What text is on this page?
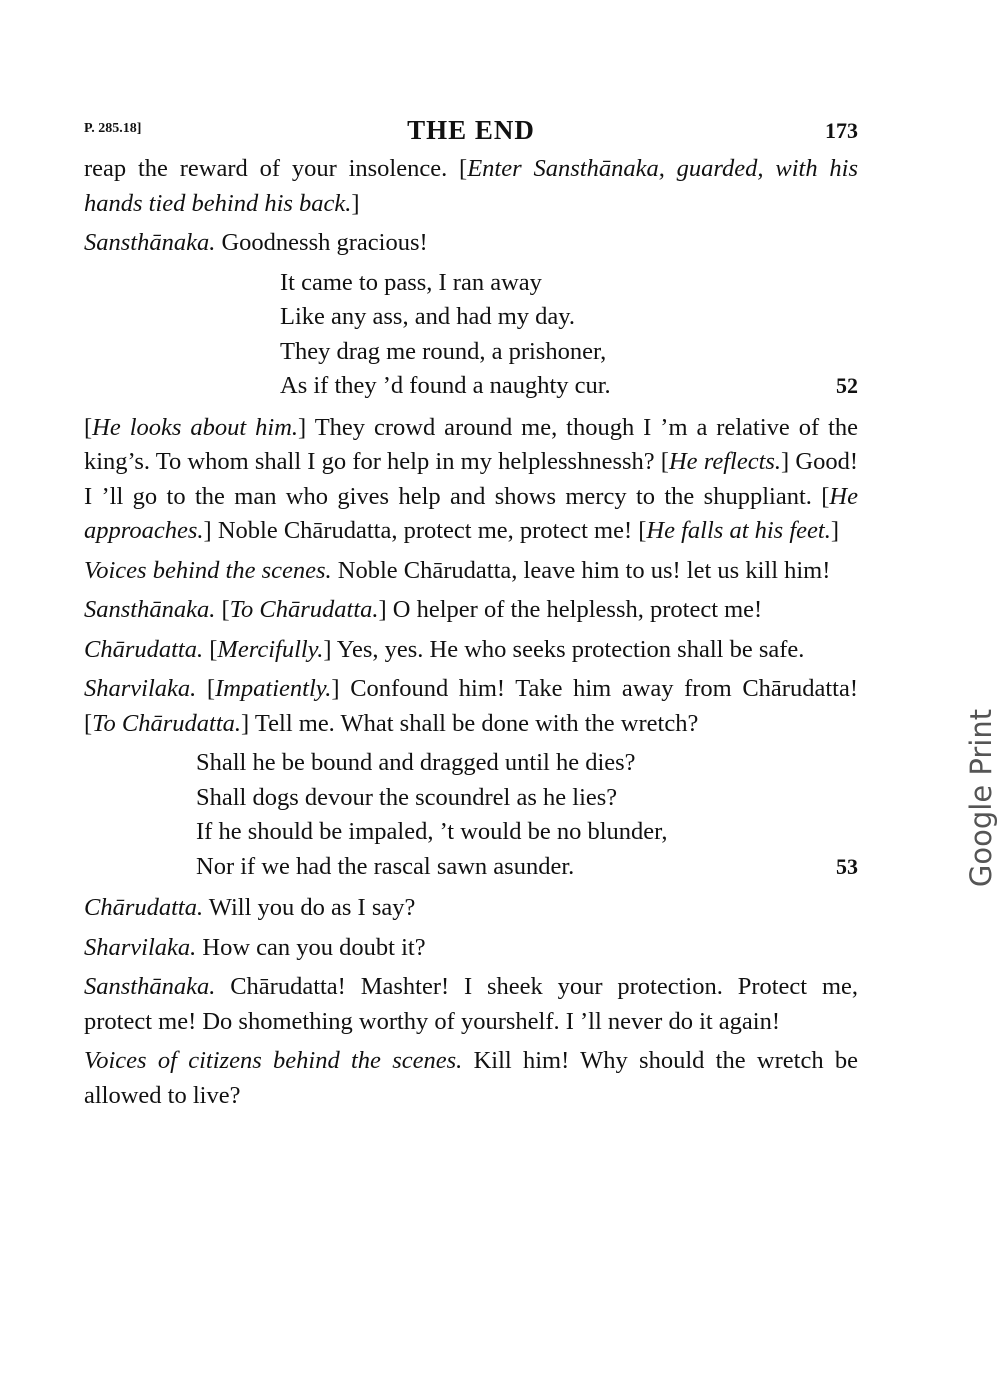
P. 285.18]	THE END	173

reap the reward of your insolence. [Enter Sansthānaka, guarded, with his hands tied behind his back.]

Sansthānaka. Goodnessh gracious!

It came to pass, I ran away
Like any ass, and had my day.
They drag me round, a prishoner,
As if they ’d found a naughty cur.	52

[He looks about him.] They crowd around me, though I ’m a relative of the king’s. To whom shall I go for help in my helplesshnessh? [He reflects.] Good! I ’ll go to the man who gives help and shows mercy to the shuppliant. [He approaches.] Noble Chārudatta, protect me, protect me! [He falls at his feet.]

Voices behind the scenes. Noble Chārudatta, leave him to us! let us kill him!

Sansthānaka. [To Chārudatta.] O helper of the helplessh, protect me!

Chārudatta. [Mercifully.] Yes, yes. He who seeks protection shall be safe.

Sharvilaka. [Impatiently.] Confound him! Take him away from Chārudatta! [To Chārudatta.] Tell me. What shall be done with the wretch?

Shall he be bound and dragged until he dies?
Shall dogs devour the scoundrel as he lies?
If he should be impaled, ’t would be no blunder,
Nor if we had the rascal sawn asunder.	53

Chārudatta. Will you do as I say?

Sharvilaka. How can you doubt it?

Sansthānaka. Chārudatta! Mashter! I sheek your protection. Protect me, protect me! Do shomething worthy of yourshelf. I ’ll never do it again!

Voices of citizens behind the scenes. Kill him! Why should the wretch be allowed to live?

Google Print
